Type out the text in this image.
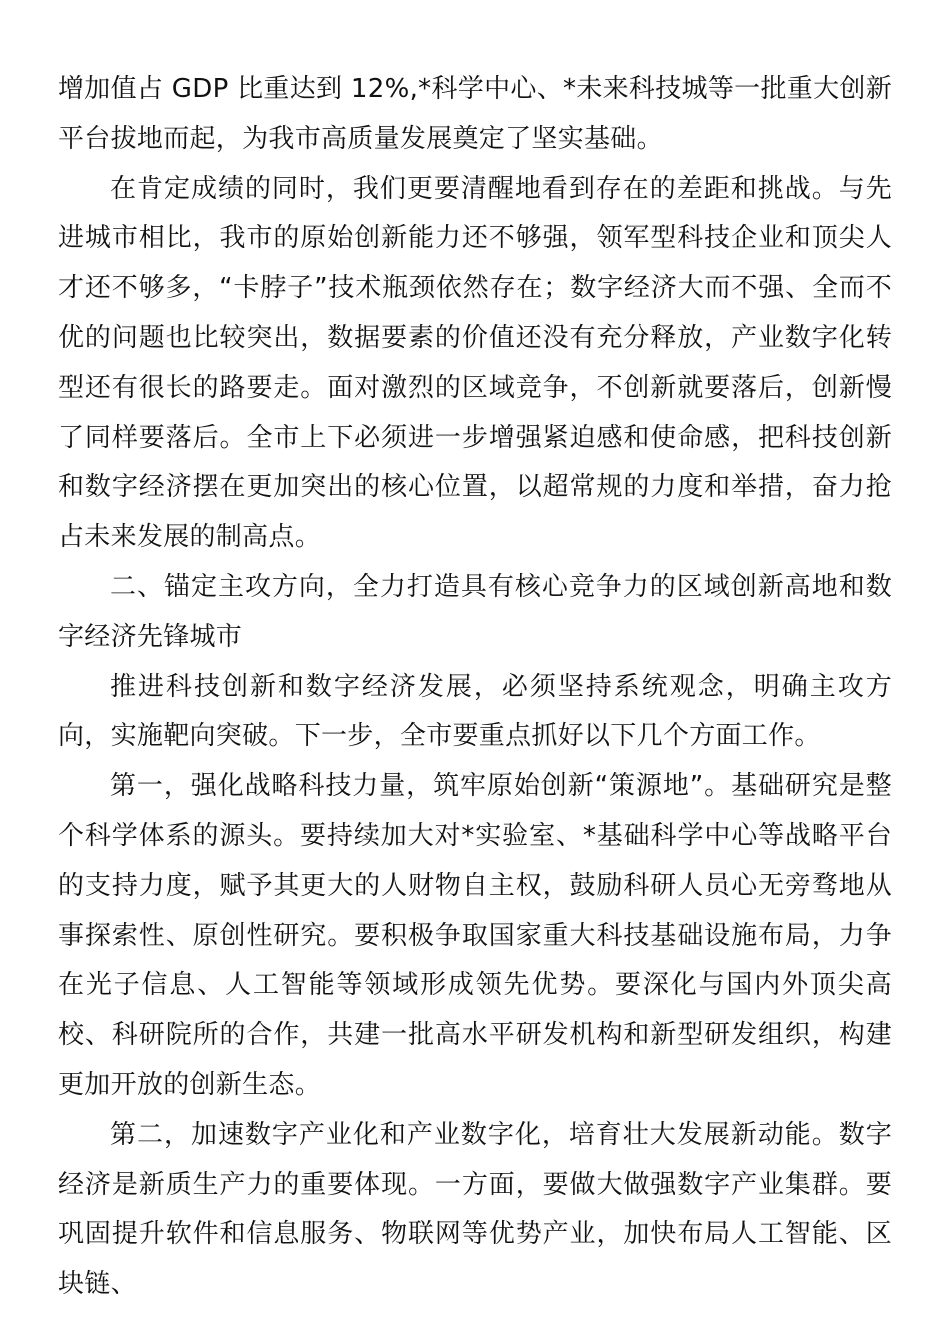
增加值占 GDP 比重达到 12%,*科学中心、*未来科技城等一批重大创新平台拔地而起，为我市高质量发展奠定了坚实基础。

在肯定成绩的同时，我们更要清醒地看到存在的差距和挑战。与先进城市相比，我市的原始创新能力还不够强，领军型科技企业和顶尖人才还不够多，“卡脖子”技术瓶颈依然存在；数字经济大而不强、全而不优的问题也比较突出，数据要素的价值还没有充分释放，产业数字化转型还有很长的路要走。面对激烈的区域竞争，不创新就要落后，创新慢了同样要落后。全市上下必须进一步增强紧迫感和使命感，把科技创新和数字经济摆在更加突出的核心位置，以超常规的力度和举措，奋力抢占未来发展的制高点。

二、锚定主攻方向，全力打造具有核心竞争力的区域创新高地和数字经济先锋城市

推进科技创新和数字经济发展，必须坚持系统观念，明确主攻方向，实施靶向突破。下一步，全市要重点抓好以下几个方面工作。

第一，强化战略科技力量，筑牢原始创新“策源地”。基础研究是整个科学体系的源头。要持续加大对*实验室、*基础科学中心等战略平台的支持力度，赋予其更大的人财物自主权，鼓励科研人员心无旁骛地从事探索性、原创性研究。要积极争取国家重大科技基础设施布局，力争在光子信息、人工智能等领域形成领先优势。要深化与国内外顶尖高校、科研院所的合作，共建一批高水平研发机构和新型研发组织，构建更加开放的创新生态。

第二，加速数字产业化和产业数字化，培育壮大发展新动能。数字经济是新质生产力的重要体现。一方面，要做大做强数字产业集群。要巩固提升软件和信息服务、物联网等优势产业，加快布局人工智能、区块链、
